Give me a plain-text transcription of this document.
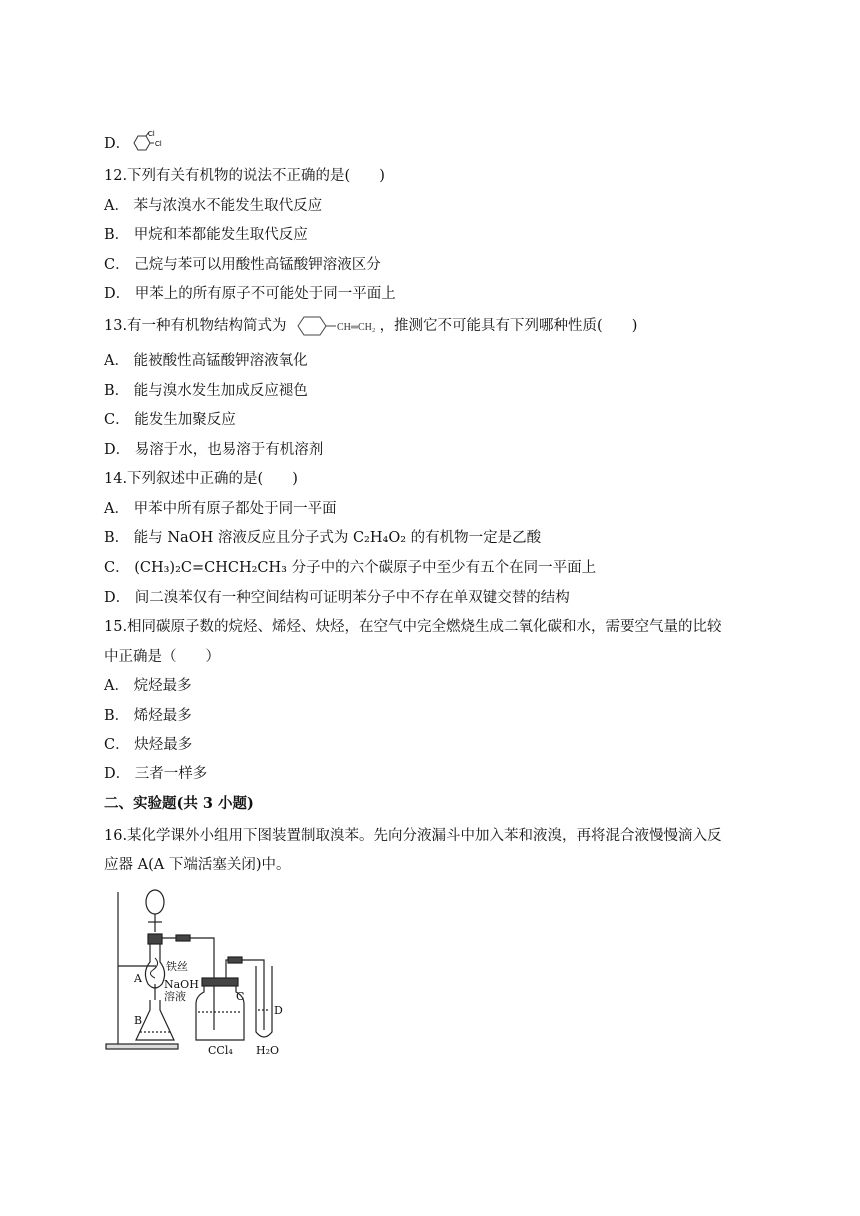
D．
Cl
Cl
12.下列有关有机物的说法不正确的是(　　)
A． 苯与浓溴水不能发生取代反应
B． 甲烷和苯都能发生取代反应
C． 己烷与苯可以用酸性高锰酸钾溶液区分
D． 甲苯上的所有原子不可能处于同一平面上
13.有一种有机物结构简式为	，推测它不可能具有下列哪种性质(　　)
CH═CH₂
A． 能被酸性高锰酸钾溶液氧化
B． 能与溴水发生加成反应褪色
C． 能发生加聚反应
D． 易溶于水，也易溶于有机溶剂
14.下列叙述中正确的是(　　)
A． 甲苯中所有原子都处于同一平面
B． 能与 NaOH 溶液反应且分子式为 C₂H₄O₂ 的有机物一定是乙酸
C． (CH₃)₂C=CHCH₂CH₃ 分子中的六个碳原子中至少有五个在同一平面上
D． 间二溴苯仅有一种空间结构可证明苯分子中不存在单双键交替的结构
15.相同碳原子数的烷烃、烯烃、炔烃，在空气中完全燃烧生成二氧化碳和水，需要空气量的比较
中正确是（　　）
A． 烷烃最多
B． 烯烃最多
C． 炔烃最多
D． 三者一样多
二、实验题(共 3 小题)
16.某化学课外小组用下图装置制取溴苯。先向分液漏斗中加入苯和液溴，再将混合液慢慢滴入反
应器 A(A 下端活塞关闭)中。
铁丝
A NaOH
溶液
B
C
CCl₄
D
H₂O
